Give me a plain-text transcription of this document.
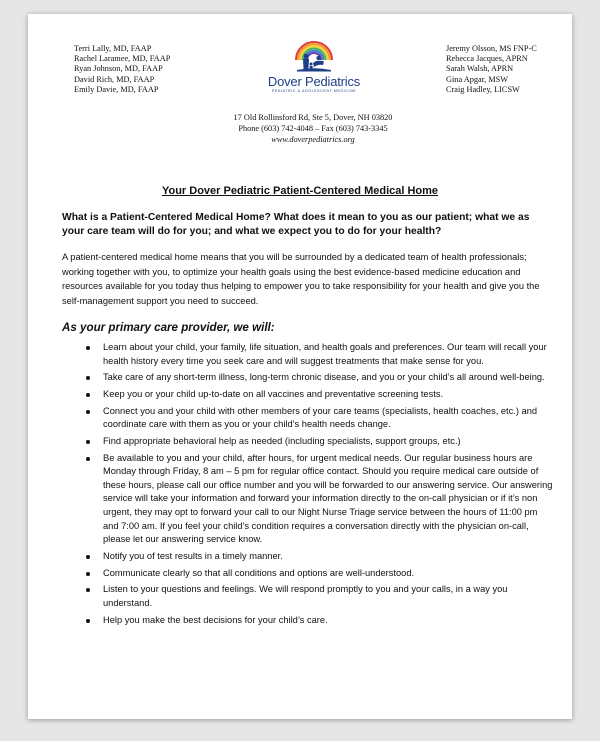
Terri Lally, MD, FAAP
Rachel Laramee, MD, FAAP
Ryan Johnson, MD, FAAP
David Rich, MD, FAAP
Emily Davie, MD, FAAP
Dover Pediatrics
PEDIATRIC & ADOLESCENT MEDICINE
Jeremy Olsson, MS FNP-C
Rebecca Jacques, APRN
Sarah Walsh, APRN
Gina Apgar, MSW
Craig Hadley, LICSW
17 Old Rollinsford Rd, Ste 5, Dover, NH 03820
Phone (603) 742-4048 – Fax (603) 743-3345
www.doverpediatrics.org
Your Dover Pediatric Patient-Centered Medical Home
What is a Patient-Centered Medical Home? What does it mean to you as our patient; what we as your care team will do for you; and what we expect you to do for your health?
A patient-centered medical home means that you will be surrounded by a dedicated team of health professionals; working together with you, to optimize your health goals using the best evidence-based medicine education and resources available for you today thus helping to empower you to take responsibility for your health and give you the self-management support you need to succeed.
As your primary care provider, we will:
Learn about your child, your family, life situation, and health goals and preferences. Our team will recall your health history every time you seek care and will suggest treatments that make sense for you.
Take care of any short-term illness, long-term chronic disease, and you or your child’s all around well-being.
Keep you or your child up-to-date on all vaccines and preventative screening tests.
Connect you and your child with other members of your care teams (specialists, health coaches, etc.) and coordinate care with them as you or your child’s health needs change.
Find appropriate behavioral help as needed (including specialists, support groups, etc.)
Be available to you and your child, after hours, for urgent medical needs. Our regular business hours are Monday through Friday, 8 am – 5 pm for regular office contact. Should you require medical care outside of these hours, please call our office number and you will be forwarded to our answering service. Our answering service will take your information and forward your information directly to the on-call physician or if it’s non urgent, they may opt to forward your call to our Night Nurse Triage service between the hours of 11:00 pm and 7:00 am. If you feel your child’s condition requires a conversation directly with the physician on-call, please let our answering service know.
Notify you of test results in a timely manner.
Communicate clearly so that all conditions and options are well-understood.
Listen to your questions and feelings. We will respond promptly to you and your calls, in a way you understand.
Help you make the best decisions for your child’s care.
